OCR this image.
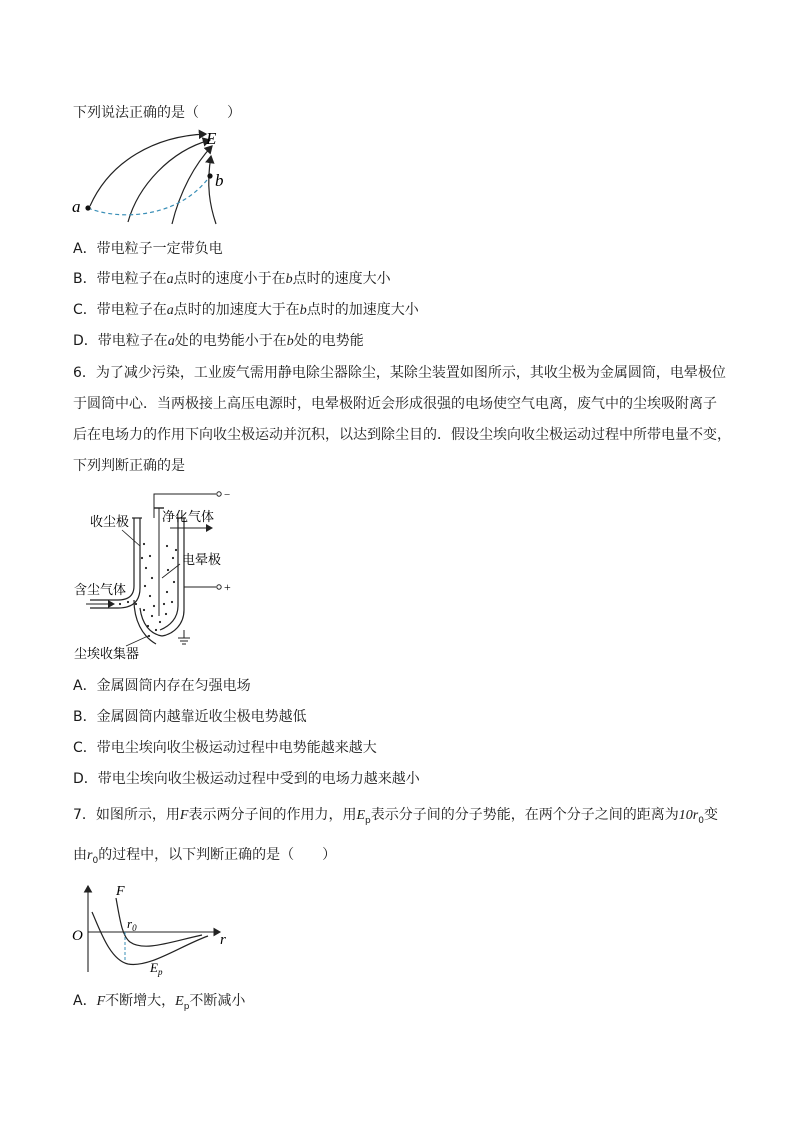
下列说法正确的是（　　）
E
a
b
A．带电粒子一定带负电
B．带电粒子在a点时的速度小于在b点时的速度大小
C．带电粒子在a点时的加速度大于在b点时的加速度大小
D．带电粒子在a处的电势能小于在b处的电势能
6．为了减少污染，工业废气需用静电除尘器除尘，某除尘装置如图所示，其收尘极为金属圆筒，电晕极位
于圆筒中心．当两极接上高压电源时，电晕极附近会形成很强的电场使空气电离，废气中的尘埃吸附离子
后在电场力的作用下向收尘极运动并沉积，以达到除尘目的．假设尘埃向收尘极运动过程中所带电量不变，
下列判断正确的是
−
净化气体
+
收尘极
电晕极
含尘气体
尘埃收集器
A．金属圆筒内存在匀强电场
B．金属圆筒内越靠近收尘极电势越低
C．带电尘埃向收尘极运动过程中电势能越来越大
D．带电尘埃向收尘极运动过程中受到的电场力越来越小
7．如图所示，用F表示两分子间的作用力，用$E_p$表示分子间的分子势能，在两个分子之间的距离为$10r_0$变
由$r_0$的过程中，以下判断正确的是（　　）
O
F
$r_0$
r
$E_p$
A．F不断增大，$E_p$不断减小
